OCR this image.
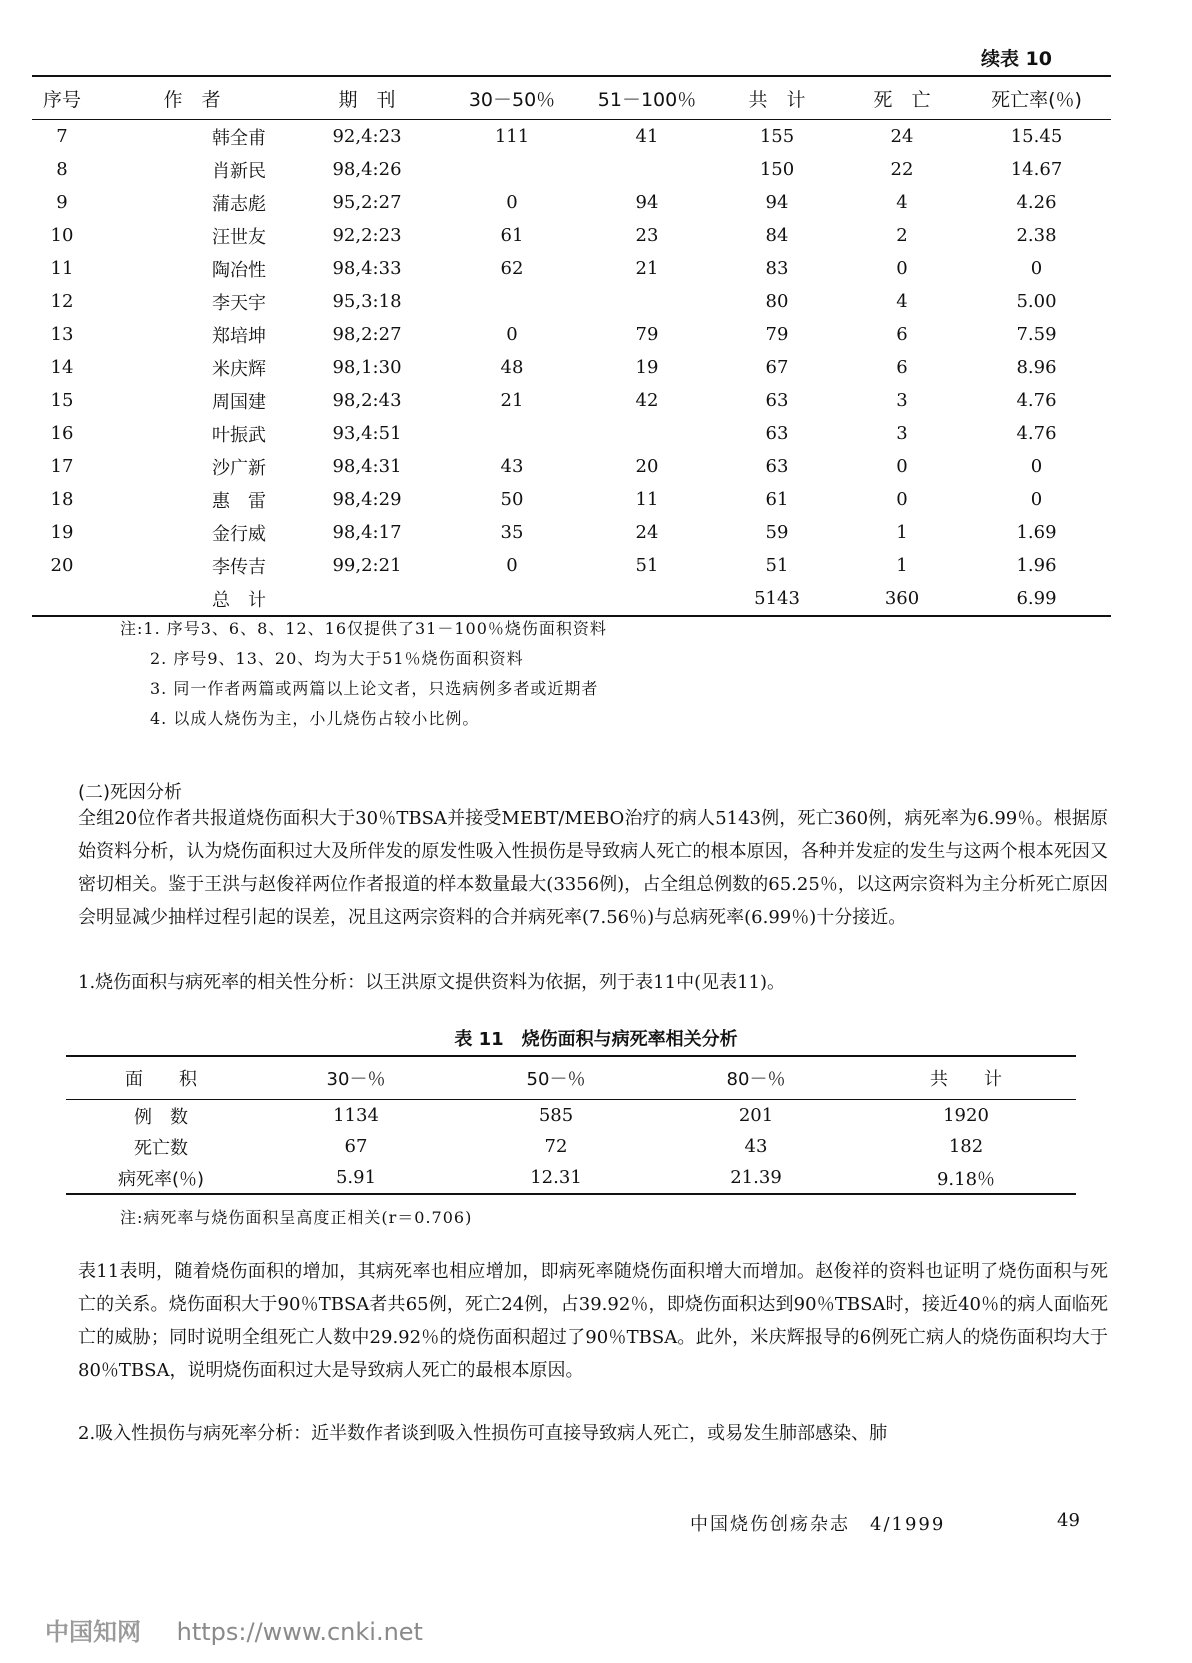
续表 10
序号	作　者	期　刊	30－50％	51－100％	共　计	死　亡	死亡率(％)
7	韩全甫	92,4:23	111	41	155	24	15.45
8	肖新民	98,4:26			150	22	14.67
9	蒲志彪	95,2:27	0	94	94	4	4.26
10	汪世友	92,2:23	61	23	84	2	2.38
11	陶冶性	98,4:33	62	21	83	0	0
12	李天宇	95,3:18			80	4	5.00
13	郑培坤	98,2:27	0	79	79	6	7.59
14	米庆辉	98,1:30	48	19	67	6	8.96
15	周国建	98,2:43	21	42	63	3	4.76
16	叶振武	93,4:51			63	3	4.76
17	沙广新	98,4:31	43	20	63	0	0
18	惠　雷	98,4:29	50	11	61	0	0
19	金行威	98,4:17	35	24	59	1	1.69
20	李传吉	99,2:21	0	51	51	1	1.96
	总　计				5143	360	6.99
注:1. 序号3、6、8、12、16仅提供了31－100％烧伤面积资料
2. 序号9、13、20、均为大于51％烧伤面积资料
3. 同一作者两篇或两篇以上论文者，只选病例多者或近期者
4. 以成人烧伤为主，小儿烧伤占较小比例。
(二)死因分析

全组20位作者共报道烧伤面积大于30％TBSA并接受MEBT/MEBO治疗的病人5143例，死亡360例，病死率为6.99％。根据原始资料分析，认为烧伤面积过大及所伴发的原发性吸入性损伤是导致病人死亡的根本原因，各种并发症的发生与这两个根本死因又密切相关。鉴于王洪与赵俊祥两位作者报道的样本数量最大(3356例)，占全组总例数的65.25％，以这两宗资料为主分析死亡原因会明显减少抽样过程引起的误差，况且这两宗资料的合并病死率(7.56％)与总病死率(6.99％)十分接近。

1.烧伤面积与病死率的相关性分析：以王洪原文提供资料为依据，列于表11中(见表11)。

表 11　烧伤面积与病死率相关分析
面　　积	30－％	50－％	80－％	共　　计
例　数	1134	585	201	1920
死亡数	67	72	43	182
病死率(％)	5.91	12.31	21.39	9.18％
注:病死率与烧伤面积呈高度正相关(r＝0.706)

表11表明，随着烧伤面积的增加，其病死率也相应增加，即病死率随烧伤面积增大而增加。赵俊祥的资料也证明了烧伤面积与死亡的关系。烧伤面积大于90％TBSA者共65例，死亡24例，占39.92％，即烧伤面积达到90％TBSA时，接近40％的病人面临死亡的威胁；同时说明全组死亡人数中29.92％的烧伤面积超过了90％TBSA。此外，米庆辉报导的6例死亡病人的烧伤面积均大于80％TBSA，说明烧伤面积过大是导致病人死亡的最根本原因。

2.吸入性损伤与病死率分析：近半数作者谈到吸入性损伤可直接导致病人死亡，或易发生肺部感染、肺

中国烧伤创疡杂志　4/1999	49
中国知网 https://www.cnki.net
